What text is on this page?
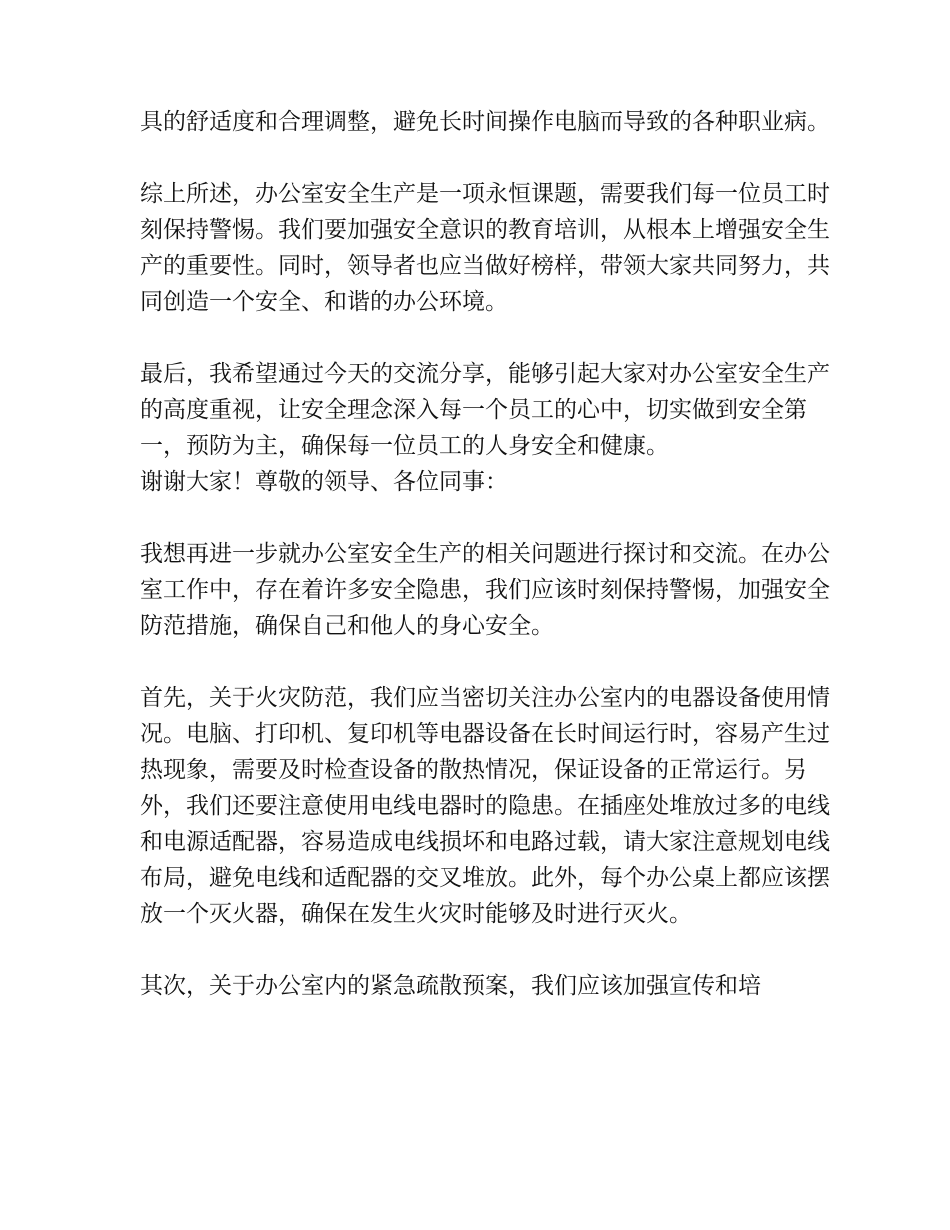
具的舒适度和合理调整，避免长时间操作电脑而导致的各种职业病。

综上所述，办公室安全生产是一项永恒课题，需要我们每一位员工时刻保持警惕。我们要加强安全意识的教育培训，从根本上增强安全生产的重要性。同时，领导者也应当做好榜样，带领大家共同努力，共同创造一个安全、和谐的办公环境。

最后，我希望通过今天的交流分享，能够引起大家对办公室安全生产的高度重视，让安全理念深入每一个员工的心中，切实做到安全第一，预防为主，确保每一位员工的人身安全和健康。

谢谢大家！尊敬的领导、各位同事：

我想再进一步就办公室安全生产的相关问题进行探讨和交流。在办公室工作中，存在着许多安全隐患，我们应该时刻保持警惕，加强安全防范措施，确保自己和他人的身心安全。

首先，关于火灾防范，我们应当密切关注办公室内的电器设备使用情况。电脑、打印机、复印机等电器设备在长时间运行时，容易产生过热现象，需要及时检查设备的散热情况，保证设备的正常运行。另外，我们还要注意使用电线电器时的隐患。在插座处堆放过多的电线和电源适配器，容易造成电线损坏和电路过载，请大家注意规划电线布局，避免电线和适配器的交叉堆放。此外，每个办公桌上都应该摆放一个灭火器，确保在发生火灾时能够及时进行灭火。

其次，关于办公室内的紧急疏散预案，我们应该加强宣传和培
